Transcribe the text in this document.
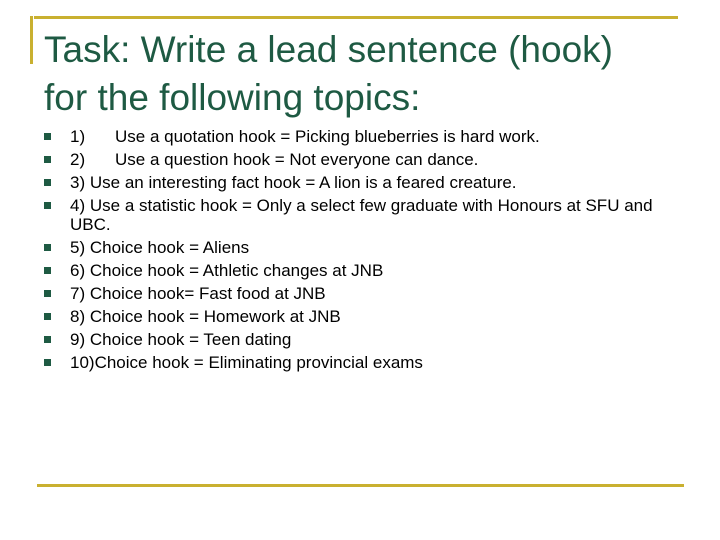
Task: Write a lead sentence (hook)
for the following topics:
1) Use a quotation hook = Picking blueberries is hard work.
2) Use a question hook = Not everyone can dance.
3) Use an interesting fact hook = A lion is a feared creature.
4) Use a statistic hook = Only a select few graduate with Honours at SFU and UBC.
5) Choice hook = Aliens
6) Choice hook = Athletic changes at JNB
7) Choice hook= Fast food at JNB
8) Choice hook = Homework at JNB
9) Choice hook = Teen dating
10)Choice hook = Eliminating provincial exams
